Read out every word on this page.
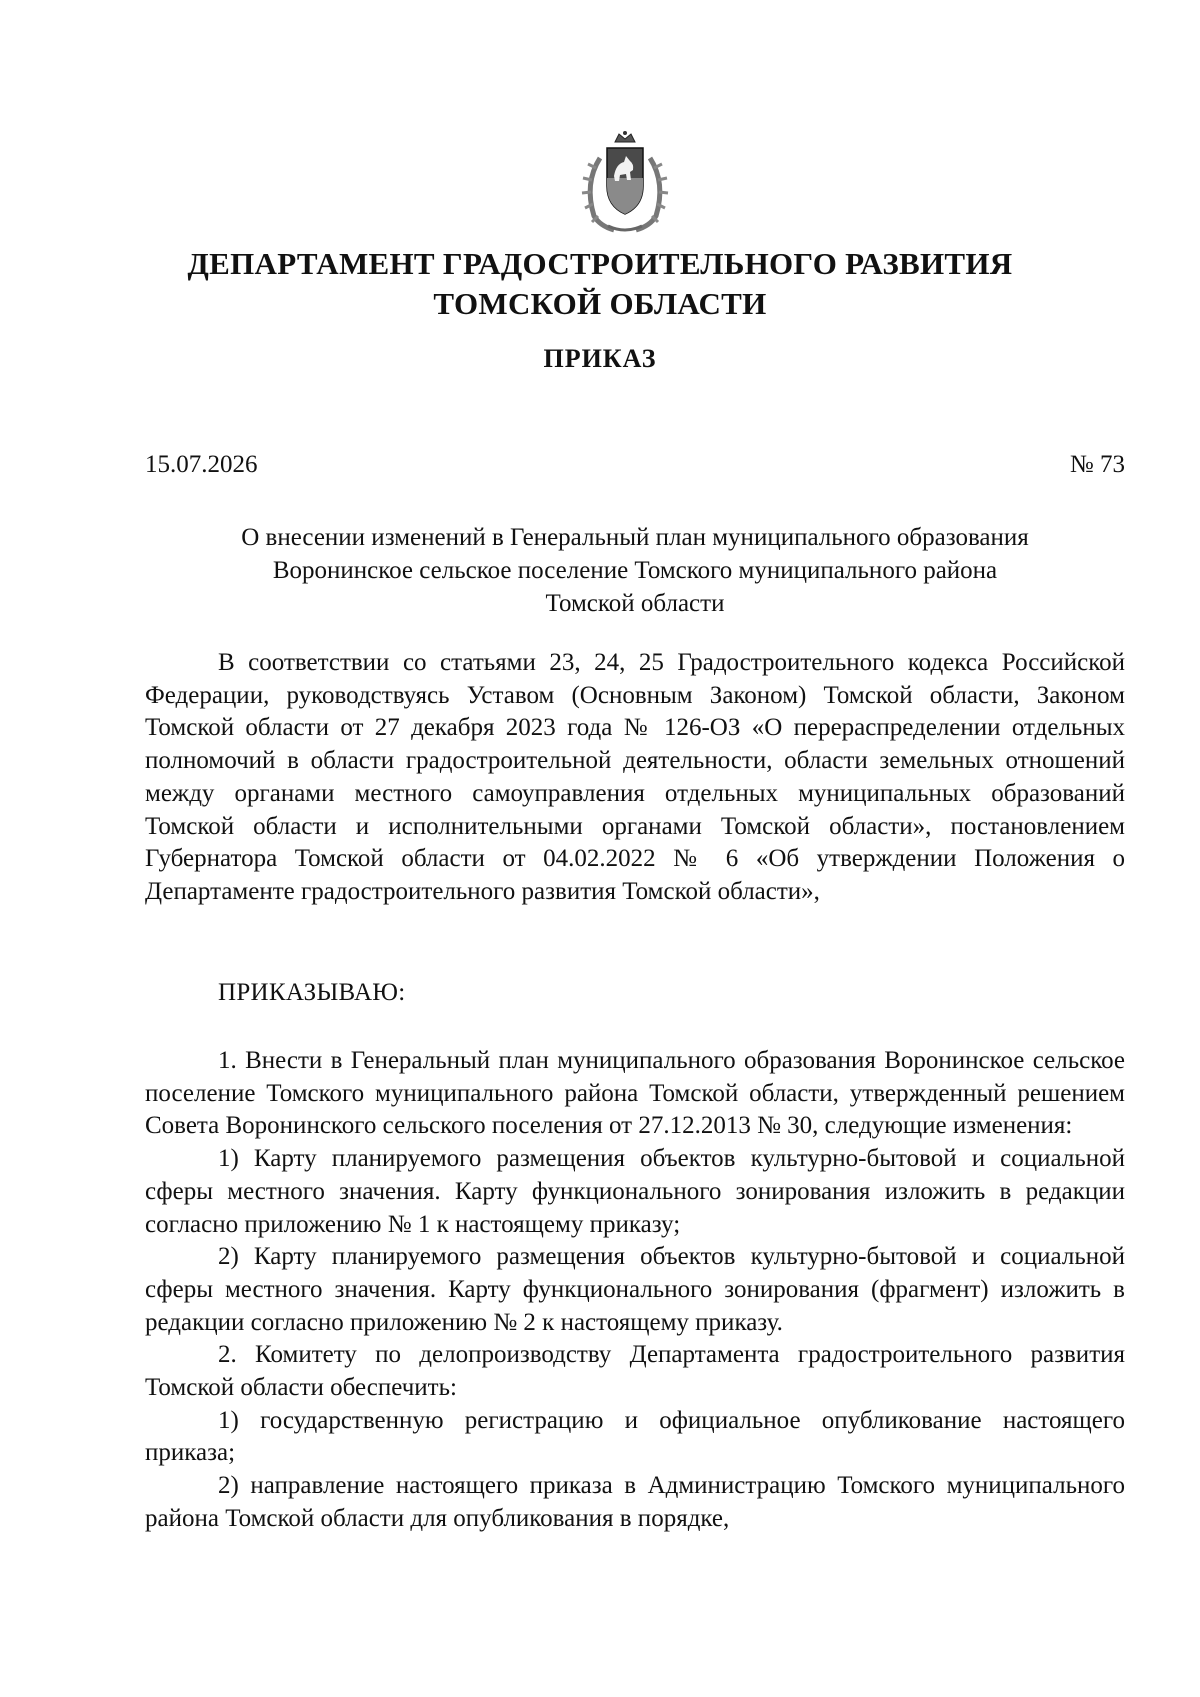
ДЕПАРТАМЕНТ ГРАДОСТРОИТЕЛЬНОГО РАЗВИТИЯ
ТОМСКОЙ ОБЛАСТИ
ПРИКАЗ
15.07.2026	№ 73
О внесении изменений в Генеральный план муниципального образования
Воронинское сельское поселение Томского муниципального района
Томской области

В соответствии со статьями 23, 24, 25 Градостроительного кодекса Российской Федерации, руководствуясь Уставом (Основным Законом) Томской области, Законом Томской области от 27 декабря 2023 года № 126-ОЗ «О перераспределении отдельных полномочий в области градостроительной деятельности, области земельных отношений между органами местного самоуправления отдельных муниципальных образований Томской области и исполнительными органами Томской области», постановлением Губернатора Томской области от 04.02.2022 № 6 «Об утверждении Положения о Департаменте градостроительного развития Томской области»,

ПРИКАЗЫВАЮ:

1. Внести в Генеральный план муниципального образования Воронинское сельское поселение Томского муниципального района Томской области, утвержденный решением Совета Воронинского сельского поселения от 27.12.2013 № 30, следующие изменения:

1) Карту планируемого размещения объектов культурно-бытовой и социальной сферы местного значения. Карту функционального зонирования изложить в редакции согласно приложению № 1 к настоящему приказу;

2) Карту планируемого размещения объектов культурно-бытовой и социальной сферы местного значения. Карту функционального зонирования (фрагмент) изложить в редакции согласно приложению № 2 к настоящему приказу.

2. Комитету по делопроизводству Департамента градостроительного развития Томской области обеспечить:

1) государственную регистрацию и официальное опубликование настоящего приказа;

2) направление настоящего приказа в Администрацию Томского муниципального района Томской области для опубликования в порядке,
